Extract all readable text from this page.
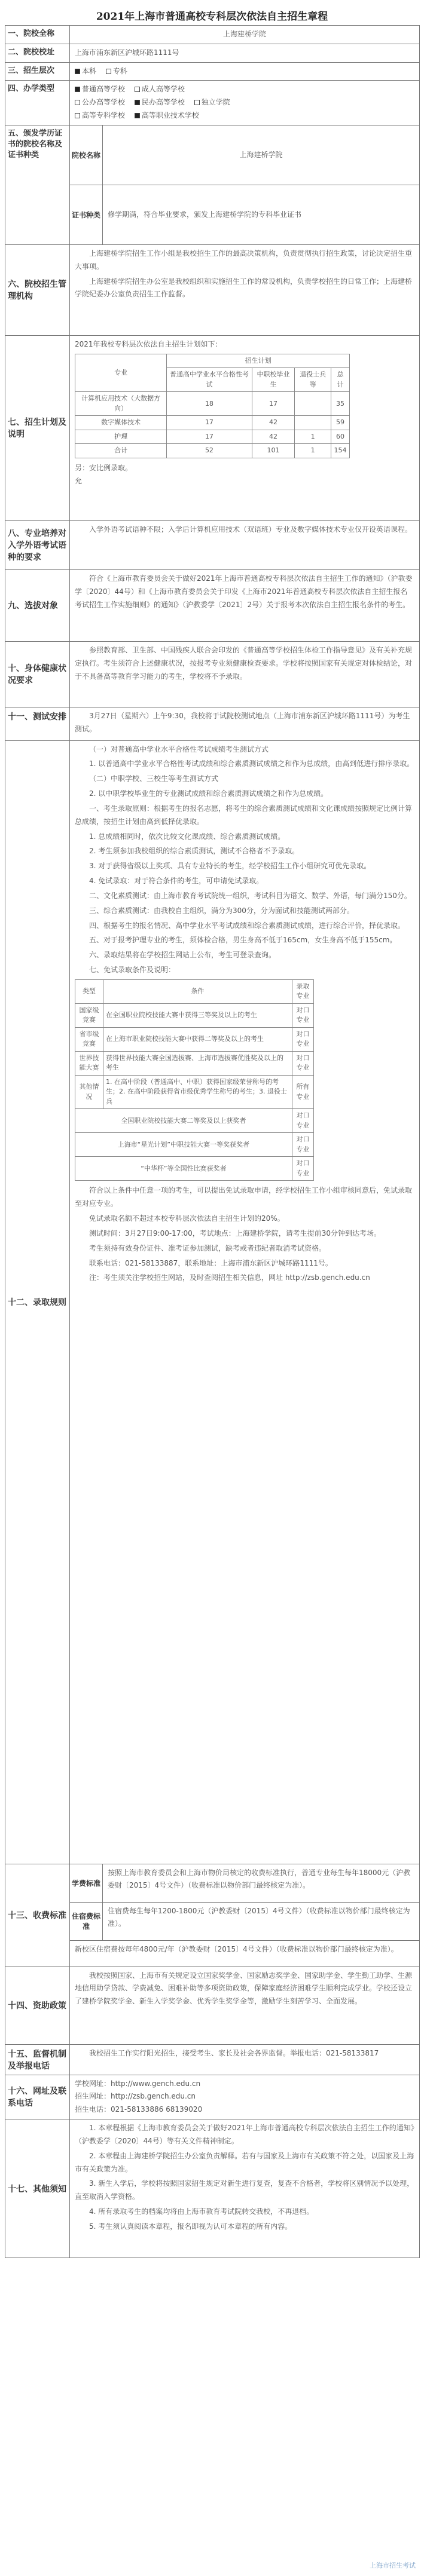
2021年上海市普通高校专科层次依法自主招生章程
一、院校全称	上海建桥学院
二、院校校址	上海市浦东新区沪城环路1111号
三、招生层次	本科 专科
四、办学类型	普通高等学校 成人高等学校
公办高等学校 民办高等学校 独立学院
高等专科学校 高等职业技术学校

五、颁发学历证书的院校名称及证书种类	院校名称	上海建桥学院
证书种类	修学期满，符合毕业要求，颁发上海建桥学院的专科毕业证书
六、院校招生管理机构	

上海建桥学院招生工作小组是我校招生工作的最高决策机构，负责贯彻执行招生政策，讨论决定招生重大事项。

上海建桥学院招生办公室是我校组织和实施招生工作的常设机构，负责学校招生的日常工作；上海建桥学院纪委办公室负责招生工作监督。

七、招生计划及说明	
2021年我校专科层次依法自主招生计划如下：
专业	招生计划
普通高中学业水平合格性考试	中职校毕业生	退役士兵等	总计
计算机应用技术（大数据方向）	18	17		35
数字媒体技术	17	42		59
护理	17	42	1	60
合计	52	101	1	154
另：安比例录取。
允

八、专业培养对入学外语考试语种的要求	

入学外语考试语种不限；入学后计算机应用技术（双语班）专业及数字媒体技术专业仅开设英语课程。

九、选拔对象	

符合《上海市教育委员会关于做好2021年上海市普通高校专科层次依法自主招生工作的通知》（沪教委学〔2020〕44号）和《上海市教育委员会关于印发《上海市2021年普通高校专科层次依法自主招生报名考试招生工作实施细则》的通知》（沪教委学〔2021〕2号）关于报考本次依法自主招生报名条件的考生。

十、身体健康状况要求	

参照教育部、卫生部、中国残疾人联合会印发的《普通高等学校招生体检工作指导意见》及有关补充规定执行。考生须符合上述健康状况，按报考专业须健康检查要求。学校将按照国家有关规定对体检结论，对于不具备高等教育学习能力的考生，学校将不予录取。

十一、测试安排	3月27日（星期六）上午9:30，我校将于试院校测试地点（上海市浦东新区沪城环路1111号）为考生测试。

十二、录取规则	

（一）对普通高中学业水平合格性考试成绩考生测试方式

1. 以普通高中学业水平合格性考试成绩和综合素质测试成绩之和作为总成绩，由高到低进行排序录取。

（二）中职学校、三校生等考生测试方式

2. 以中职学校毕业生的专业测试成绩和综合素质测试成绩之和作为总成绩。

一、考生录取原则：根据考生的报名志愿，将考生的综合素质测试成绩和文化课成绩按照规定比例计算总成绩，按招生计划由高到低择优录取。

1. 总成绩相同时，依次比较文化课成绩、综合素质测试成绩。

2. 考生须参加我校组织的综合素质测试，测试不合格者不予录取。

3. 对于获得省级以上奖项、具有专业特长的考生，经学校招生工作小组研究可优先录取。

4. 免试录取：对于符合条件的考生，可申请免试录取。

二、文化素质测试：由上海市教育考试院统一组织，考试科目为语文、数学、外语，每门满分150分。

三、综合素质测试：由我校自主组织，满分为300分，分为面试和技能测试两部分。

四、根据考生的报名情况、高中学业水平考试成绩和综合素质测试成绩，进行综合评价，择优录取。

五、对于报考护理专业的考生，须体检合格，男生身高不低于165cm，女生身高不低于155cm。

六、录取结果将在学校招生网站上公布，考生可登录查询。

七、免试录取条件及说明：

类型	条件	录取专业
国家级竞赛	在全国职业院校技能大赛中获得三等奖及以上的考生	对口专业
省市级竞赛	在上海市职业院校技能大赛中获得二等奖及以上的考生	对口专业
世界技能大赛	获得世界技能大赛全国选拔赛、上海市选拔赛优胜奖及以上的考生	对口专业
其他情况	1. 在高中阶段（普通高中、中职）获得国家级荣誉称号的考生；2. 在高中阶段获得省市级优秀学生称号的考生；3. 退役士兵	所有专业
全国职业院校技能大赛二等奖及以上获奖者	对口专业
上海市“星光计划”中职技能大赛一等奖获奖者	对口专业
“中华杯”等全国性比赛获奖者	对口专业

符合以上条件中任意一项的考生，可以提出免试录取申请，经学校招生工作小组审核同意后，免试录取至对应专业。

免试录取名额不超过本校专科层次依法自主招生计划的20%。

测试时间：3月27日9:00-17:00，考试地点：上海建桥学院，请考生提前30分钟到达考场。

考生须持有效身份证件、准考证参加测试，缺考或者违纪者取消考试资格。

联系电话：021-58133887，联系地址：上海市浦东新区沪城环路1111号。

注：考生须关注学校招生网站，及时查阅招生相关信息，网址 http://zsb.gench.edu.cn

十三、收费标准	学费标准	按照上海市教育委员会和上海市物价局核定的收费标准执行，普通专业每生每年18000元（沪教委财〔2015〕4号文件）（收费标准以物价部门最终核定为准）。
住宿费标准	住宿费每生每年1200-1800元（沪教委财〔2015〕4号文件）（收费标准以物价部门最终核定为准）。
新校区住宿费按每年4800元/年（沪教委财〔2015〕4号文件）（收费标准以物价部门最终核定为准）。
十四、资助政策	

我校按照国家、上海市有关规定设立国家奖学金、国家励志奖学金、国家助学金、学生勤工助学、生源地信用助学贷款、学费减免、困难补助等多项资助政策，保障家庭经济困难学生顺利完成学业。学校还设立了建桥学院奖学金、新生入学奖学金、优秀学生奖学金等，激励学生刻苦学习、全面发展。

十五、监督机制及举报电话	

我校招生工作实行阳光招生，接受考生、家长及社会各界监督。举报电话：021-58133817

十六、网址及联系电话	
学校网址：http://www.gench.edu.cn
招生网址：http://zsb.gench.edu.cn
招生电话：021-58133886 68139020

十七、其他须知	

1. 本章程根据《上海市教育委员会关于做好2021年上海市普通高校专科层次依法自主招生工作的通知》（沪教委学〔2020〕44号）等有关文件精神制定。

2. 本章程由上海建桥学院招生办公室负责解释。若有与国家及上海市有关政策不符之处，以国家及上海市有关政策为准。

3. 新生入学后，学校将按照国家招生规定对新生进行复查，复查不合格者，学校将区别情况予以处理，直至取消入学资格。

4. 所有录取考生的档案均将由上海市教育考试院转交我校，不再退档。

5. 考生须认真阅读本章程，报名即视为认可本章程的所有内容。

上海市招生考试
